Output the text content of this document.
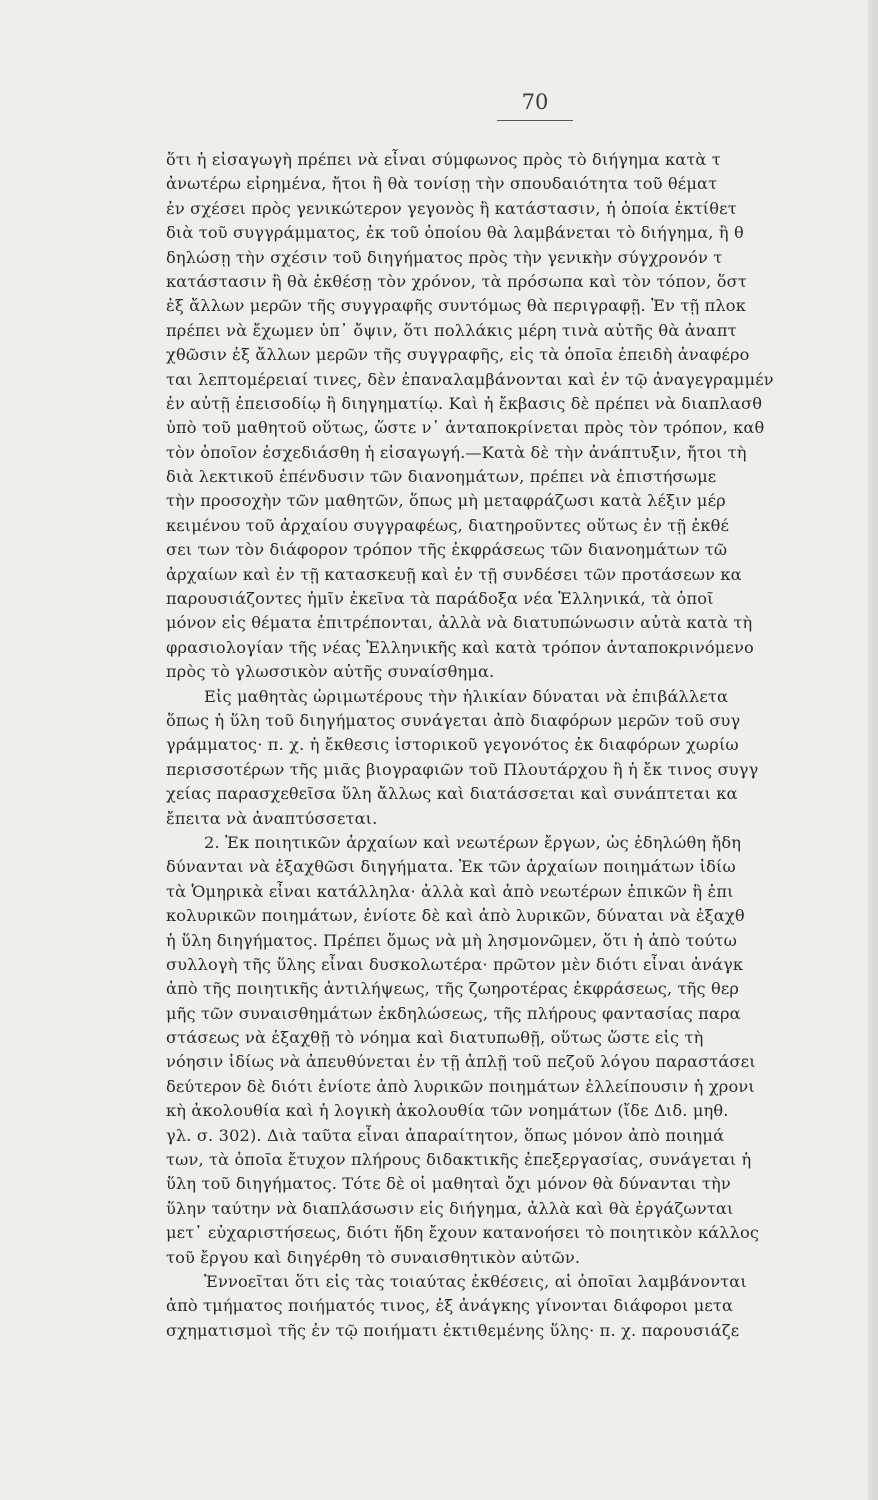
70
ὅτι ἡ εἰσαγωγὴ πρέπει νὰ εἶναι σύμφωνος πρὸς τὸ διήγημα κατὰ τ
ἀνωτέρω εἰρημένα, ἤτοι ἢ θὰ τονίσῃ τὴν σπουδαιότητα τοῦ θέματ
ἐν σχέσει πρὸς γενικώτερον γεγονὸς ἢ κατάστασιν, ἡ ὁποία ἐκτίθετ
διὰ τοῦ συγγράμματος, ἐκ τοῦ ὁποίου θὰ λαμβάνεται τὸ διήγημα, ἢ θ
δηλώσῃ τὴν σχέσιν τοῦ διηγήματος πρὸς τὴν γενικὴν σύγχρονόν τ
κατάστασιν ἢ θὰ ἐκθέσῃ τὸν χρόνον, τὰ πρόσωπα καὶ τὸν τόπον, ὅστ
ἐξ ἄλλων μερῶν τῆς συγγραφῆς συντόμως θὰ περιγραφῇ. Ἐν τῇ πλοκ
πρέπει νὰ ἔχωμεν ὑπ᾽ ὄψιν, ὅτι πολλάκις μέρη τινὰ αὐτῆς θὰ ἀναπτ
χθῶσιν ἐξ ἄλλων μερῶν τῆς συγγραφῆς, εἰς τὰ ὁποῖα ἐπειδὴ ἀναφέρο
ται λεπτομέρειαί τινες, δὲν ἐπαναλαμβάνονται καὶ ἐν τῷ ἀναγεγραμμέν
ἐν αὐτῇ ἐπεισοδίῳ ἢ διηγηματίῳ. Καὶ ἡ ἔκβασις δὲ πρέπει νὰ διαπλασθ
ὑπὸ τοῦ μαθητοῦ οὕτως, ὥστε ν᾽ ἀνταποκρίνεται πρὸς τὸν τρόπον, καθ
τὸν ὁποῖον ἐσχεδιάσθη ἡ εἰσαγωγή.—Κατὰ δὲ τὴν ἀνάπτυξιν, ἤτοι τὴ
διὰ λεκτικοῦ ἐπένδυσιν τῶν διανοημάτων, πρέπει νὰ ἐπιστήσωμε
τὴν προσοχὴν τῶν μαθητῶν, ὅπως μὴ μεταφράζωσι κατὰ λέξιν μέρ
κειμένου τοῦ ἀρχαίου συγγραφέως, διατηροῦντες οὕτως ἐν τῇ ἐκθέ
σει των τὸν διάφορον τρόπον τῆς ἐκφράσεως τῶν διανοημάτων τῶ
ἀρχαίων καὶ ἐν τῇ κατασκευῇ καὶ ἐν τῇ συνδέσει τῶν προτάσεων κα
παρουσιάζοντες ἡμῖν ἐκεῖνα τὰ παράδοξα νέα Ἑλληνικά, τὰ ὁποῖ
μόνον εἰς θέματα ἐπιτρέπονται, ἀλλὰ νὰ διατυπώνωσιν αὐτὰ κατὰ τὴ
φρασιολογίαν τῆς νέας Ἑλληνικῆς καὶ κατὰ τρόπον ἀνταποκρινόμενο
πρὸς τὸ γλωσσικὸν αὐτῆς συναίσθημα.
Εἰς μαθητὰς ὡριμωτέρους τὴν ἡλικίαν δύναται νὰ ἐπιβάλλετα
ὅπως ἡ ὕλη τοῦ διηγήματος συνάγεται ἀπὸ διαφόρων μερῶν τοῦ συγ
γράμματος· π. χ. ἡ ἔκθεσις ἱστορικοῦ γεγονότος ἐκ διαφόρων χωρίω
περισσοτέρων τῆς μιᾶς βιογραφιῶν τοῦ Πλουτάρχου ἢ ἡ ἔκ τινος συγγ
χείας παρασχεθεῖσα ὕλη ἄλλως καὶ διατάσσεται καὶ συνάπτεται κα
ἔπειτα νὰ ἀναπτύσσεται.
2. Ἐκ ποιητικῶν ἀρχαίων καὶ νεωτέρων ἔργων, ὡς ἐδηλώθη ἤδη
δύνανται νὰ ἐξαχθῶσι διηγήματα. Ἐκ τῶν ἀρχαίων ποιημάτων ἰδίω
τὰ Ὁμηρικὰ εἶναι κατάλληλα· ἀλλὰ καὶ ἀπὸ νεωτέρων ἐπικῶν ἢ ἐπι
κολυρικῶν ποιημάτων, ἐνίοτε δὲ καὶ ἀπὸ λυρικῶν, δύναται νὰ ἐξαχθ
ἡ ὕλη διηγήματος. Πρέπει ὅμως νὰ μὴ λησμονῶμεν, ὅτι ἡ ἀπὸ τούτω
συλλογὴ τῆς ὕλης εἶναι δυσκολωτέρα· πρῶτον μὲν διότι εἶναι ἀνάγκ
ἀπὸ τῆς ποιητικῆς ἀντιλήψεως, τῆς ζωηροτέρας ἐκφράσεως, τῆς θερ
μῆς τῶν συναισθημάτων ἐκδηλώσεως, τῆς πλήρους φαντασίας παρα
στάσεως νὰ ἐξαχθῇ τὸ νόημα καὶ διατυπωθῇ, οὕτως ὥστε εἰς τὴ
νόησιν ἰδίως νὰ ἀπευθύνεται ἐν τῇ ἁπλῇ τοῦ πεζοῦ λόγου παραστάσει
δεύτερον δὲ διότι ἐνίοτε ἀπὸ λυρικῶν ποιημάτων ἐλλείπουσιν ἡ χρονι
κὴ ἀκολουθία καὶ ἡ λογικὴ ἀκολουθία τῶν νοημάτων (ἴδε Διδ. μηθ.
γλ. σ. 302). Διὰ ταῦτα εἶναι ἀπαραίτητον, ὅπως μόνον ἀπὸ ποιημά
των, τὰ ὁποῖα ἔτυχον πλήρους διδακτικῆς ἐπεξεργασίας, συνάγεται ἡ
ὕλη τοῦ διηγήματος. Τότε δὲ οἱ μαθηταὶ ὄχι μόνον θὰ δύνανται τὴν
ὕλην ταύτην νὰ διαπλάσωσιν εἰς διήγημα, ἀλλὰ καὶ θὰ ἐργάζωνται
μετ᾽ εὐχαριστήσεως, διότι ἤδη ἔχουν κατανοήσει τὸ ποιητικὸν κάλλος
τοῦ ἔργου καὶ διηγέρθη τὸ συναισθητικὸν αὐτῶν.
Ἐννοεῖται ὅτι εἰς τὰς τοιαύτας ἐκθέσεις, αἱ ὁποῖαι λαμβάνονται
ἀπὸ τμήματος ποιήματός τινος, ἐξ ἀνάγκης γίνονται διάφοροι μετα
σχηματισμοὶ τῆς ἐν τῷ ποιήματι ἐκτιθεμένης ὕλης· π. χ. παρουσιάζε
